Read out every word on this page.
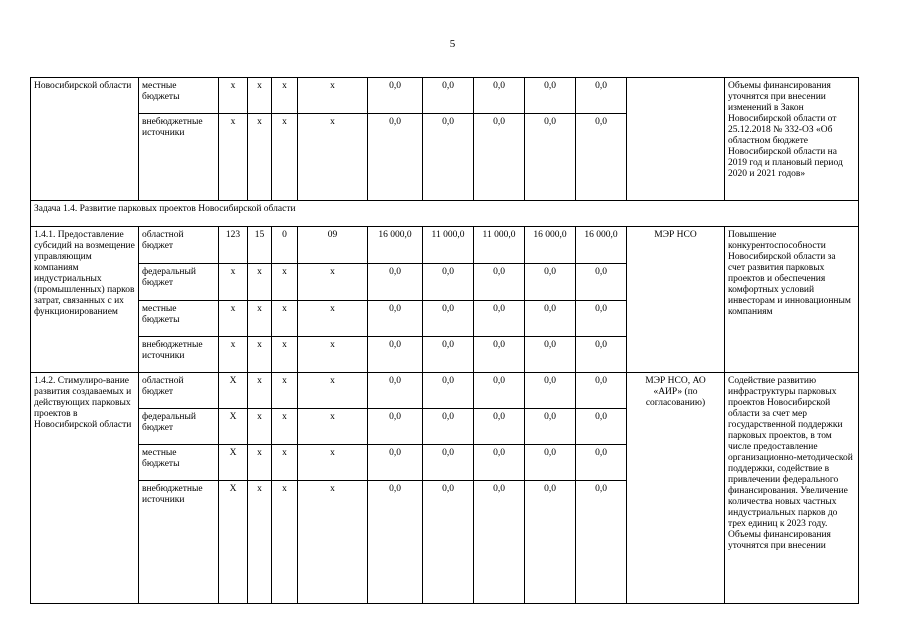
5
Новосибирской области	местные бюджеты	х	х	х	х	0,0	0,0	0,0	0,0	0,0		Объемы финансирования уточнятся при внесении изменений в Закон Новосибирской области от 25.12.2018 № 332-ОЗ «Об областном бюджете Новосибирской области на 2019 год и плановый период 2020 и 2021 годов»
	внебюджетные источники	х	х	х	х	0,0	0,0	0,0	0,0	0,0		
Задача 1.4. Развитие парковых проектов Новосибирской области												
1.4.1. Предоставление субсидий на возмещение управляющим компаниям индустриальных (промышленных) парков затрат, связанных с их функционированием	областной бюджет	123	15	0	09	16 000,0	11 000,0	11 000,0	16 000,0	16 000,0	МЭР НСО	Повышение конкурентоспособности Новосибирской области за счет развития парковых проектов и обеспечения комфортных условий инвесторам и инновационным компаниям
	федеральный бюджет	х	х	х	х	0,0	0,0	0,0	0,0	0,0		
	местные бюджеты	х	х	х	х	0,0	0,0	0,0	0,0	0,0		
	внебюджетные источники	х	х	х	х	0,0	0,0	0,0	0,0	0,0		
1.4.2. Стимулиро-вание развития создаваемых и действующих парковых проектов в Новосибирской области	областной бюджет	Х	х	х	х	0,0	0,0	0,0	0,0	0,0	МЭР НСО, АО «АИР» (по согласованию)	Содействие развитию инфраструктуры парковых проектов Новосибирской области за счет мер государственной поддержки парковых проектов, в том числе предоставление организационно-методической поддержки, содействие в привлечении федерального финансирования. Увеличение количества новых частных индустриальных парков до трех единиц к 2023 году. Объемы финансирования уточнятся при внесении
	федеральный бюджет	Х	х	х	х	0,0	0,0	0,0	0,0	0,0		
	местные бюджеты	Х	х	х	х	0,0	0,0	0,0	0,0	0,0		
	внебюджетные источники	Х	х	х	х	0,0	0,0	0,0	0,0	0,0		
